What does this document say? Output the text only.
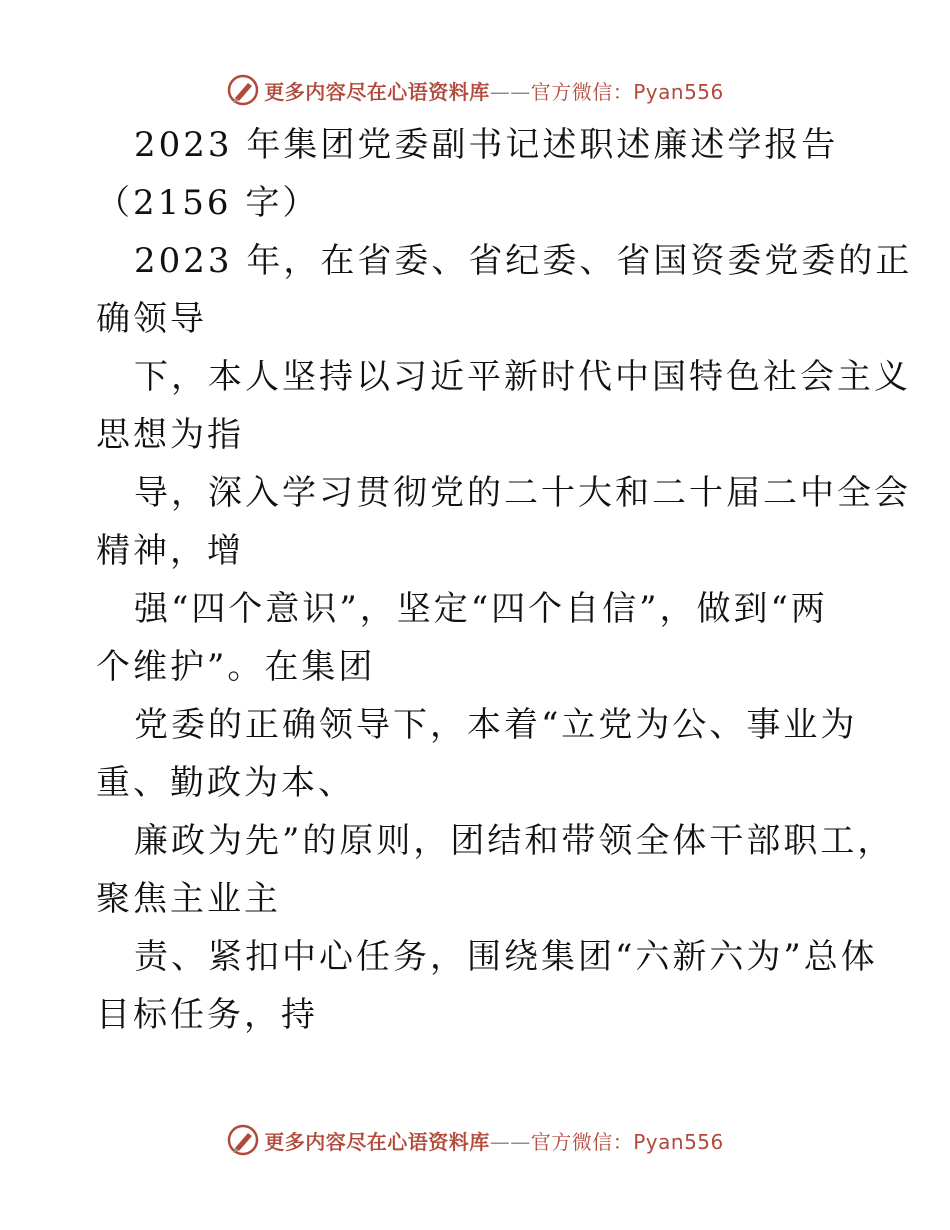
更多内容尽在心语资料库——官方微信：Pyan556

2023 年集团党委副书记述职述廉述学报告

（2156 字）

2023 年，在省委、省纪委、省国资委党委的正

确领导

下，本人坚持以习近平新时代中国特色社会主义

思想为指

导，深入学习贯彻党的二十大和二十届二中全会

精神，增

强“四个意识”，坚定“四个自信”，做到“两

个维护”。在集团

党委的正确领导下，本着“立党为公、事业为

重、勤政为本、

廉政为先”的原则，团结和带领全体干部职工，

聚焦主业主

责、紧扣中心任务，围绕集团“六新六为”总体

目标任务，持

更多内容尽在心语资料库——官方微信：Pyan556
